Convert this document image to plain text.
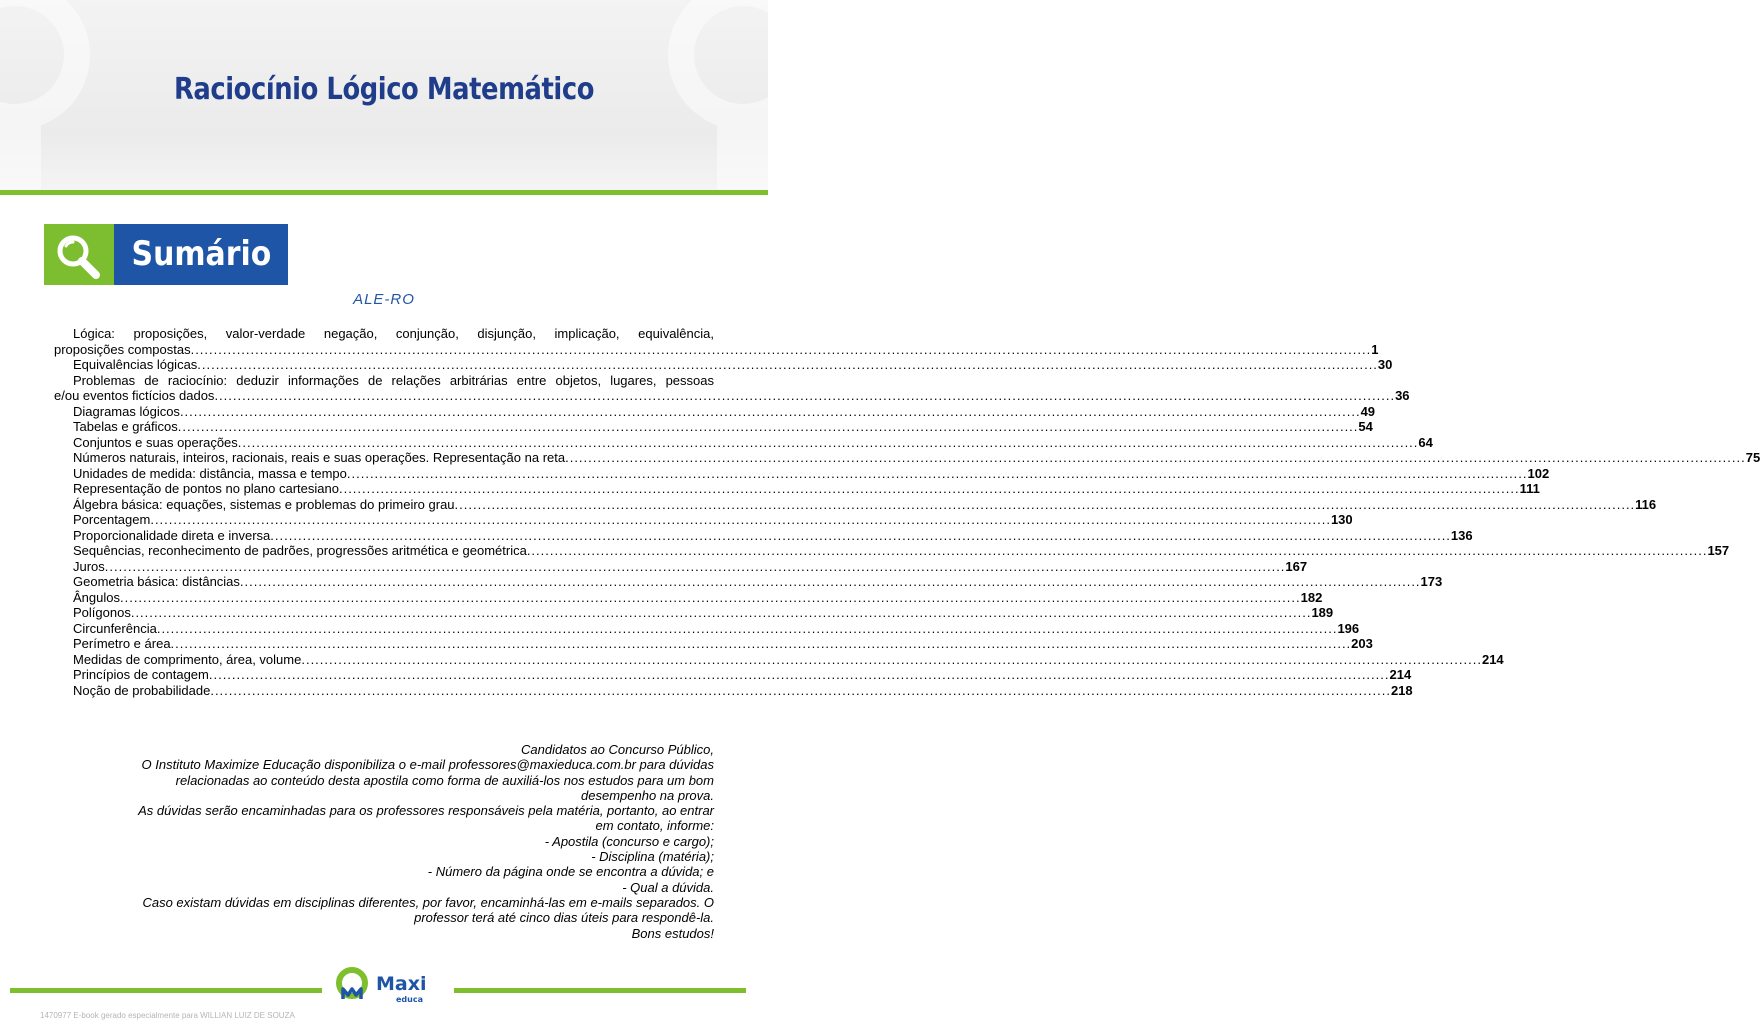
Raciocínio Lógico Matemático
Sumário
ALE-RO
Lógica: proposições, valor-verdade negação, conjunção, disjunção, implicação, equivalência,
proposições compostas .....	1
Equivalências lógicas .....	30
Problemas de raciocínio: deduzir informações de relações arbitrárias entre objetos, lugares, pessoas
e/ou eventos fictícios dados .....	36
Diagramas lógicos .....	49
Tabelas e gráficos .....	54
Conjuntos e suas operações .....	64
Números naturais, inteiros, racionais, reais e suas operações. Representação na reta .....	75
Unidades de medida: distância, massa e tempo .....	102
Representação de pontos no plano cartesiano .....	111
Álgebra básica: equações, sistemas e problemas do primeiro grau .....	116
Porcentagem .....	130
Proporcionalidade direta e inversa .....	136
Sequências, reconhecimento de padrões, progressões aritmética e geométrica .....	157
Juros .....	167
Geometria básica: distâncias .....	173
Ângulos .....	182
Polígonos .....	189
Circunferência .....	196
Perímetro e área .....	203
Medidas de comprimento, área, volume .....	214
Princípios de contagem .....	214
Noção de probabilidade .....	218
Candidatos ao Concurso Público,
O Instituto Maximize Educação disponibiliza o e-mail professores@maxieduca.com.br para dúvidas
relacionadas ao conteúdo desta apostila como forma de auxiliá-los nos estudos para um bom
desempenho na prova.
As dúvidas serão encaminhadas para os professores responsáveis pela matéria, portanto, ao entrar
em contato, informe:
- Apostila (concurso e cargo);
- Disciplina (matéria);
- Número da página onde se encontra a dúvida; e
- Qual a dúvida.
Caso existam dúvidas em disciplinas diferentes, por favor, encaminhá-las em e-mails separados. O
professor terá até cinco dias úteis para respondê-la.
Bons estudos!
Maxi
educa
1470977 E-book gerado especialmente para WILLIAN LUIZ DE SOUZA
